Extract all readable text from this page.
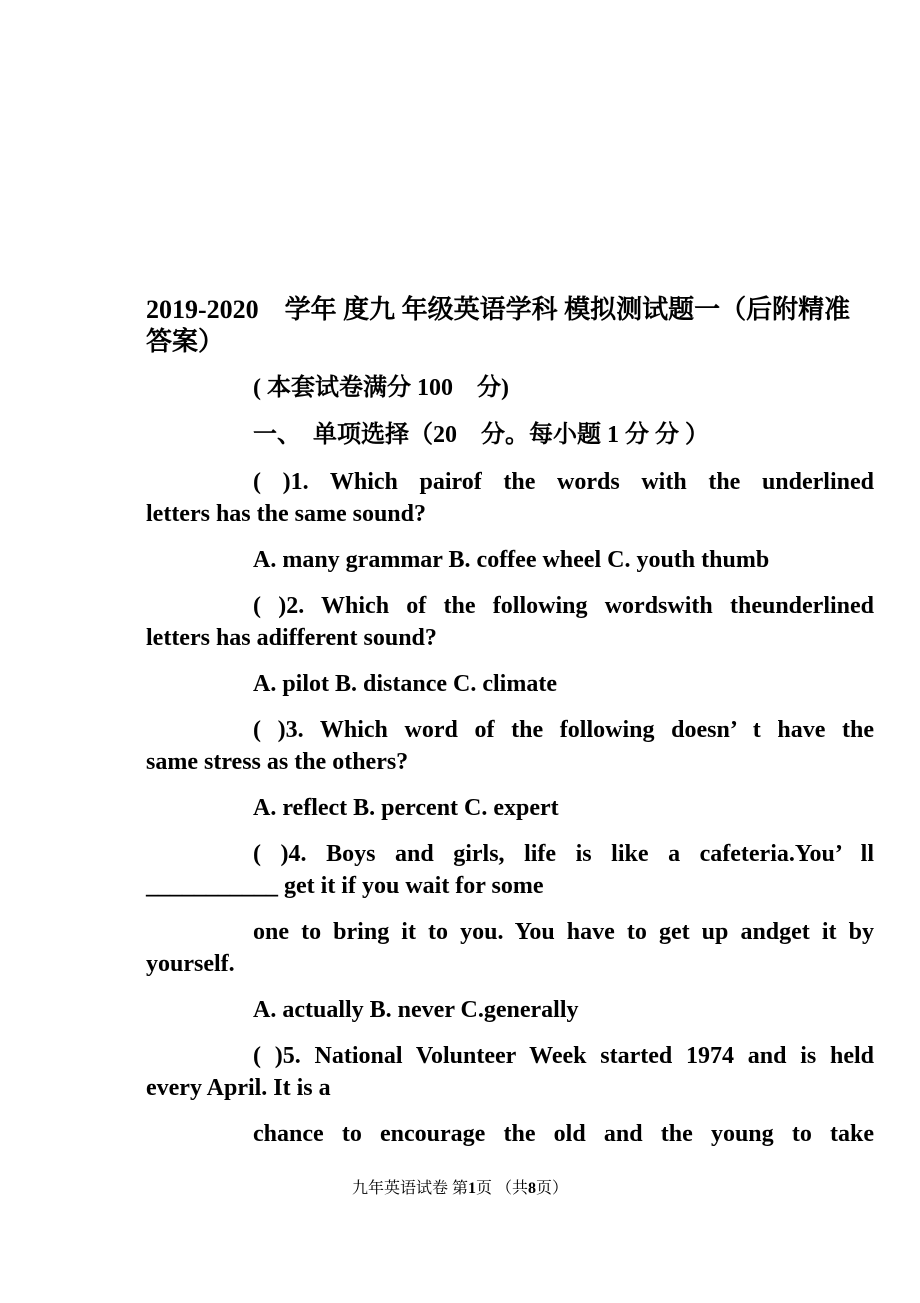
2019-2020　学年 度九 年级英语学科 模拟测试题一（后附精准答案）
( 本套试卷满分 100　分)
一、　单项选择（20　分。每小题 1 分 分 ）
( )1. Which pairof the words with the underlined
letters has the same sound?
A. many grammar B. coffee wheel C. youth thumb
( )2. Which of the following wordswith theunderlined
letters has adifferent sound?
A. pilot B. distance C. climate
( )3. Which word of the following doesn’ t have the
same stress as the others?
A. reflect B. percent C. expert
( )4. Boys and girls, life is like a cafeteria.You’ ll
___________ get it if you wait for some
one to bring it to you. You have to get up andget it by
yourself.
A. actually B. never C.generally
( )5. National Volunteer Week started 1974 and is held
every April. It is a
chance to encourage the old and the young to take
九年英语试卷 第1页 （共8页）
